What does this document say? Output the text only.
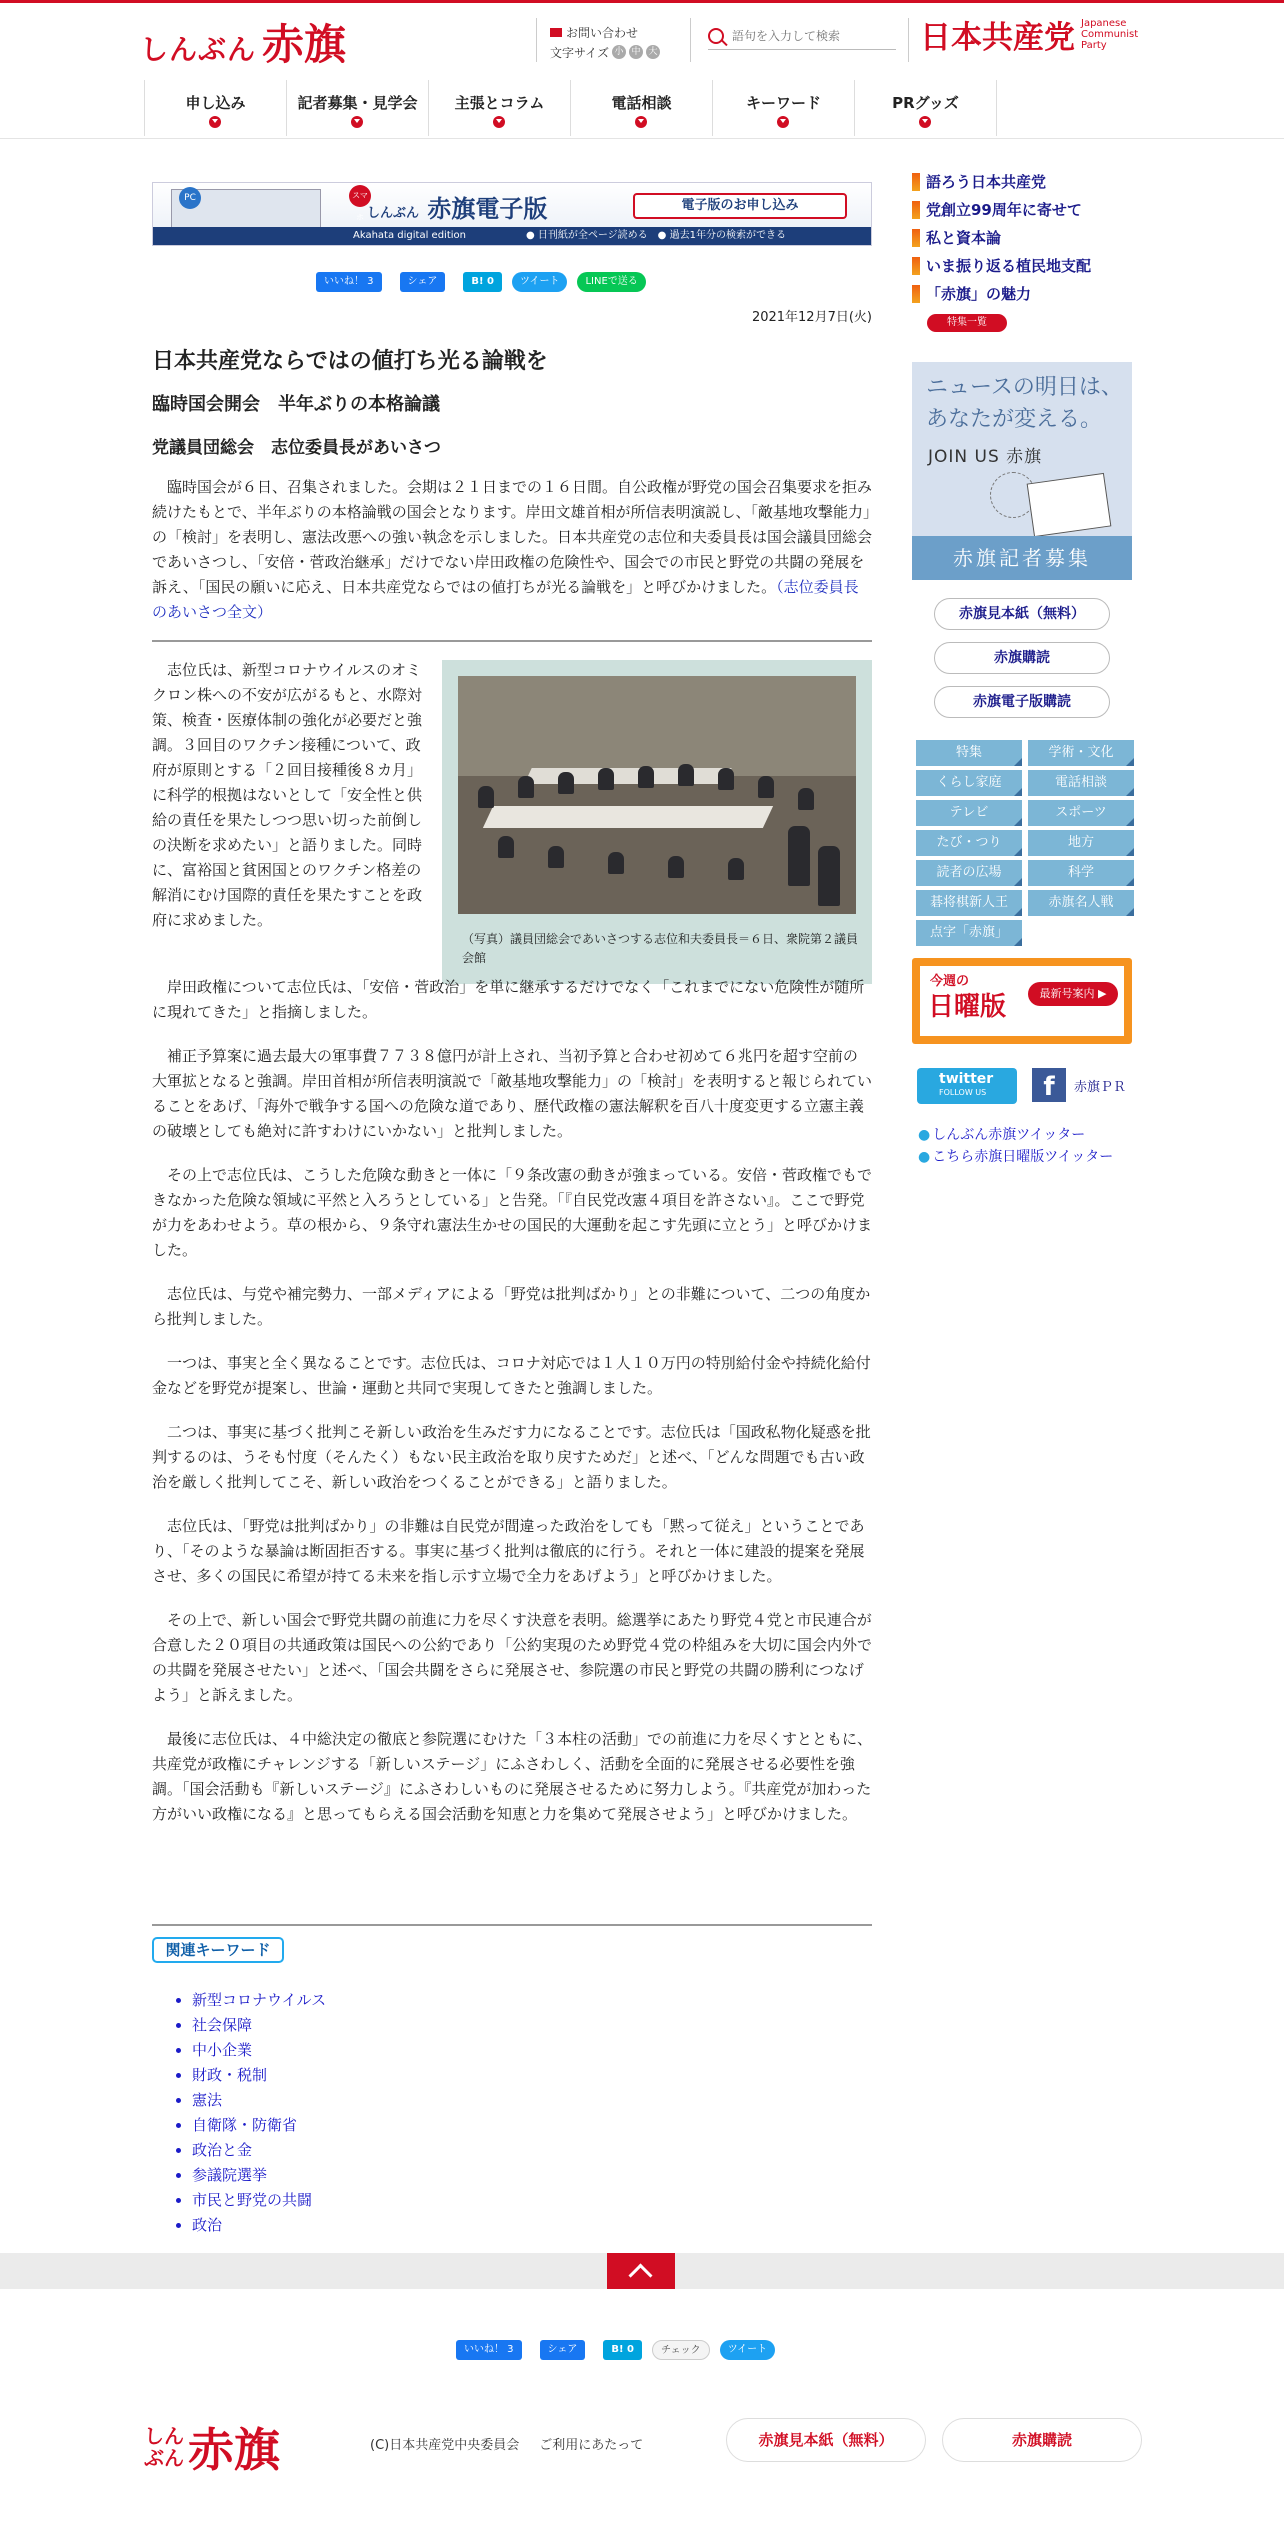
しんぶん 赤旗	お問い合わせ
文字サイズ 小 中 大
語句を入力して検索	日本共産党 Japanese
Communist
Party
申し込み	記者募集・見学会	主張とコラム	電話相談	キーワード	PRグッズ
PC	スマホ しんぶん 赤旗電子版	電子版のお申し込み
Akahata digital edition　　　　　　● 日刊紙が全ページ読める　● 過去1年分の検索ができる
いいね！ 3	シェア	B! 0	ツイート	LINEで送る
2021年12月7日(火)
日本共産党ならではの値打ち光る論戦を
臨時国会開会　半年ぶりの本格論議
党議員団総会　志位委員長があいさつ

臨時国会が６日、召集されました。会期は２１日までの１６日間。自公政権が野党の国会召集要求を拒み続けたもとで、半年ぶりの本格論戦の国会となります。岸田文雄首相が所信表明演説し、「敵基地攻撃能力」の「検討」を表明し、憲法改悪への強い執念を示しました。日本共産党の志位和夫委員長は国会議員団総会であいさつし、「安倍・菅政治継承」だけでない岸田政権の危険性や、国会での市民と野党の共闘の発展を訴え、「国民の願いに応え、日本共産党ならではの値打ちが光る論戦を」と呼びかけました。（志位委員長のあいさつ全文）

（写真）議員団総会であいさつする志位和夫委員長＝６日、衆院第２議員会館

志位氏は、新型コロナウイルスのオミクロン株への不安が広がるもと、水際対策、検査・医療体制の強化が必要だと強調。３回目のワクチン接種について、政府が原則とする「２回目接種後８カ月」に科学的根拠はないとして「安全性と供給の責任を果たしつつ思い切った前倒しの決断を求めたい」と語りました。同時に、富裕国と貧困国とのワクチン格差の解消にむけ国際的責任を果たすことを政府に求めました。

岸田政権について志位氏は、「安倍・菅政治」を単に継承するだけでなく「これまでにない危険性が随所に現れてきた」と指摘しました。

補正予算案に過去最大の軍事費７７３８億円が計上され、当初予算と合わせ初めて６兆円を超す空前の大軍拡となると強調。岸田首相が所信表明演説で「敵基地攻撃能力」の「検討」を表明すると報じられていることをあげ、「海外で戦争する国への危険な道であり、歴代政権の憲法解釈を百八十度変更する立憲主義の破壊としても絶対に許すわけにいかない」と批判しました。

その上で志位氏は、こうした危険な動きと一体に「９条改憲の動きが強まっている。安倍・菅政権でもできなかった危険な領域に平然と入ろうとしている」と告発。「『自民党改憲４項目を許さない』。ここで野党が力をあわせよう。草の根から、９条守れ憲法生かせの国民的大運動を起こす先頭に立とう」と呼びかけました。

志位氏は、与党や補完勢力、一部メディアによる「野党は批判ばかり」との非難について、二つの角度から批判しました。

一つは、事実と全く異なることです。志位氏は、コロナ対応では１人１０万円の特別給付金や持続化給付金などを野党が提案し、世論・運動と共同で実現してきたと強調しました。

二つは、事実に基づく批判こそ新しい政治を生みだす力になることです。志位氏は「国政私物化疑惑を批判するのは、うそも忖度（そんたく）もない民主政治を取り戻すためだ」と述べ、「どんな問題でも古い政治を厳しく批判してこそ、新しい政治をつくることができる」と語りました。

志位氏は、「野党は批判ばかり」の非難は自民党が間違った政治をしても「黙って従え」ということであり、「そのような暴論は断固拒否する。事実に基づく批判は徹底的に行う。それと一体に建設的提案を発展させ、多くの国民に希望が持てる未来を指し示す立場で全力をあげよう」と呼びかけました。

その上で、新しい国会で野党共闘の前進に力を尽くす決意を表明。総選挙にあたり野党４党と市民連合が合意した２０項目の共通政策は国民への公約であり「公約実現のため野党４党の枠組みを大切に国会内外での共闘を発展させたい」と述べ、「国会共闘をさらに発展させ、参院選の市民と野党の共闘の勝利につなげよう」と訴えました。

最後に志位氏は、４中総決定の徹底と参院選にむけた「３本柱の活動」での前進に力を尽くすとともに、共産党が政権にチャレンジする「新しいステージ」にふさわしく、活動を全面的に発展させる必要性を強調。「国会活動も『新しいステージ』にふさわしいものに発展させるために努力しよう。『共産党が加わった方がいい政権になる』と思ってもらえる国会活動を知恵と力を集めて発展させよう」と呼びかけました。

関連キーワード
• 新型コロナウイルス
• 社会保障
• 中小企業
• 財政・税制
• 憲法
• 自衛隊・防衛省
• 政治と金
• 参議院選挙
• 市民と野党の共闘
• 政治
語ろう日本共産党
党創立99周年に寄せて
私と資本論
いま振り返る植民地支配
「赤旗」の魅力
特集一覧
ニュースの明日は、
あなたが変える。
JOIN US 赤旗
赤旗記者募集
赤旗見本紙（無料）
赤旗購読
赤旗電子版購読
特集	学術・文化
くらし家庭	電話相談
テレビ	スポーツ
たび・つり	地方
読者の広場	科学
碁将棋新人王	赤旗名人戦
点字「赤旗」
今週の
日曜版	最新号案内 ▶
twitter
FOLLOW US	f	赤旗ＰＲ
● しんぶん赤旗ツイッター
● こちら赤旗日曜版ツイッター
いいね！ 3	シェア	B! 0	チェック	ツイート
しんぶん 赤旗	(C)日本共産党中央委員会 ご利用にあたって	赤旗見本紙（無料）	赤旗購読
